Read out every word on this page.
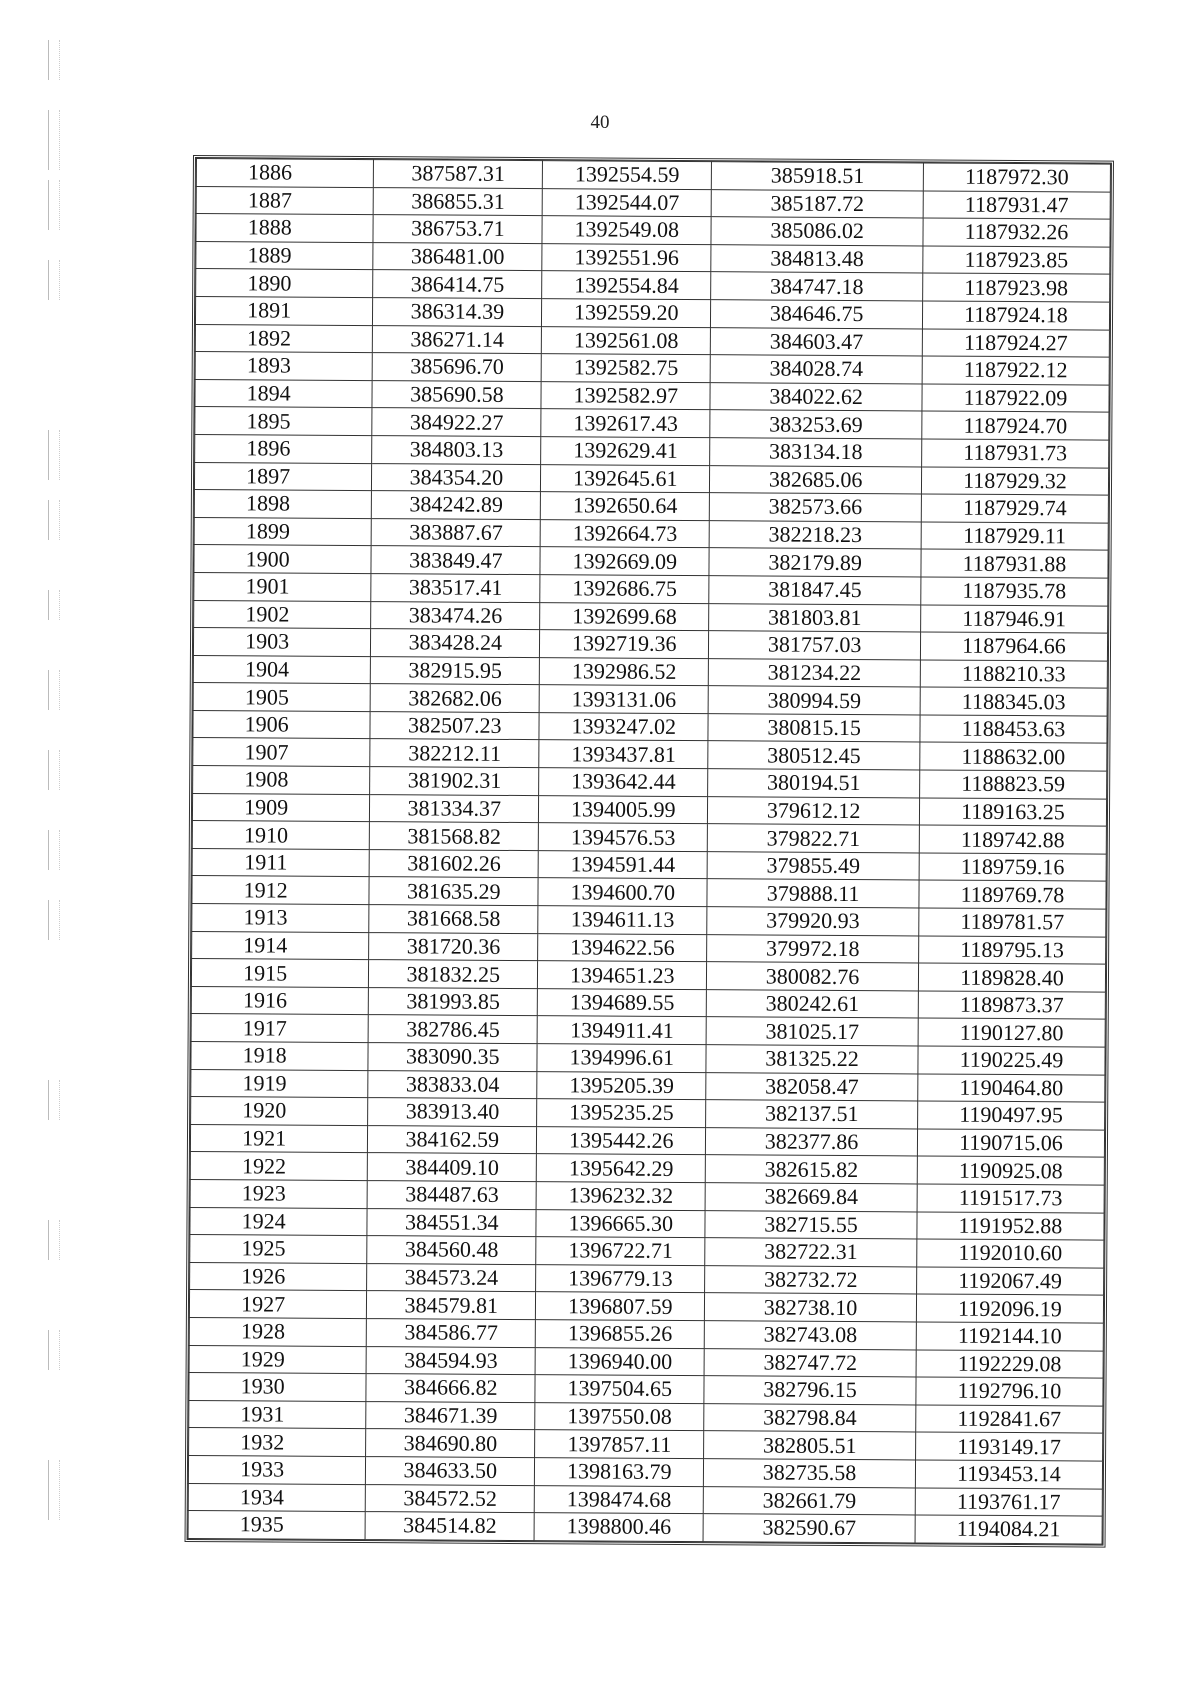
40
1886	387587.31	1392554.59	385918.51	1187972.30
1887	386855.31	1392544.07	385187.72	1187931.47
1888	386753.71	1392549.08	385086.02	1187932.26
1889	386481.00	1392551.96	384813.48	1187923.85
1890	386414.75	1392554.84	384747.18	1187923.98
1891	386314.39	1392559.20	384646.75	1187924.18
1892	386271.14	1392561.08	384603.47	1187924.27
1893	385696.70	1392582.75	384028.74	1187922.12
1894	385690.58	1392582.97	384022.62	1187922.09
1895	384922.27	1392617.43	383253.69	1187924.70
1896	384803.13	1392629.41	383134.18	1187931.73
1897	384354.20	1392645.61	382685.06	1187929.32
1898	384242.89	1392650.64	382573.66	1187929.74
1899	383887.67	1392664.73	382218.23	1187929.11
1900	383849.47	1392669.09	382179.89	1187931.88
1901	383517.41	1392686.75	381847.45	1187935.78
1902	383474.26	1392699.68	381803.81	1187946.91
1903	383428.24	1392719.36	381757.03	1187964.66
1904	382915.95	1392986.52	381234.22	1188210.33
1905	382682.06	1393131.06	380994.59	1188345.03
1906	382507.23	1393247.02	380815.15	1188453.63
1907	382212.11	1393437.81	380512.45	1188632.00
1908	381902.31	1393642.44	380194.51	1188823.59
1909	381334.37	1394005.99	379612.12	1189163.25
1910	381568.82	1394576.53	379822.71	1189742.88
1911	381602.26	1394591.44	379855.49	1189759.16
1912	381635.29	1394600.70	379888.11	1189769.78
1913	381668.58	1394611.13	379920.93	1189781.57
1914	381720.36	1394622.56	379972.18	1189795.13
1915	381832.25	1394651.23	380082.76	1189828.40
1916	381993.85	1394689.55	380242.61	1189873.37
1917	382786.45	1394911.41	381025.17	1190127.80
1918	383090.35	1394996.61	381325.22	1190225.49
1919	383833.04	1395205.39	382058.47	1190464.80
1920	383913.40	1395235.25	382137.51	1190497.95
1921	384162.59	1395442.26	382377.86	1190715.06
1922	384409.10	1395642.29	382615.82	1190925.08
1923	384487.63	1396232.32	382669.84	1191517.73
1924	384551.34	1396665.30	382715.55	1191952.88
1925	384560.48	1396722.71	382722.31	1192010.60
1926	384573.24	1396779.13	382732.72	1192067.49
1927	384579.81	1396807.59	382738.10	1192096.19
1928	384586.77	1396855.26	382743.08	1192144.10
1929	384594.93	1396940.00	382747.72	1192229.08
1930	384666.82	1397504.65	382796.15	1192796.10
1931	384671.39	1397550.08	382798.84	1192841.67
1932	384690.80	1397857.11	382805.51	1193149.17
1933	384633.50	1398163.79	382735.58	1193453.14
1934	384572.52	1398474.68	382661.79	1193761.17
1935	384514.82	1398800.46	382590.67	1194084.21
